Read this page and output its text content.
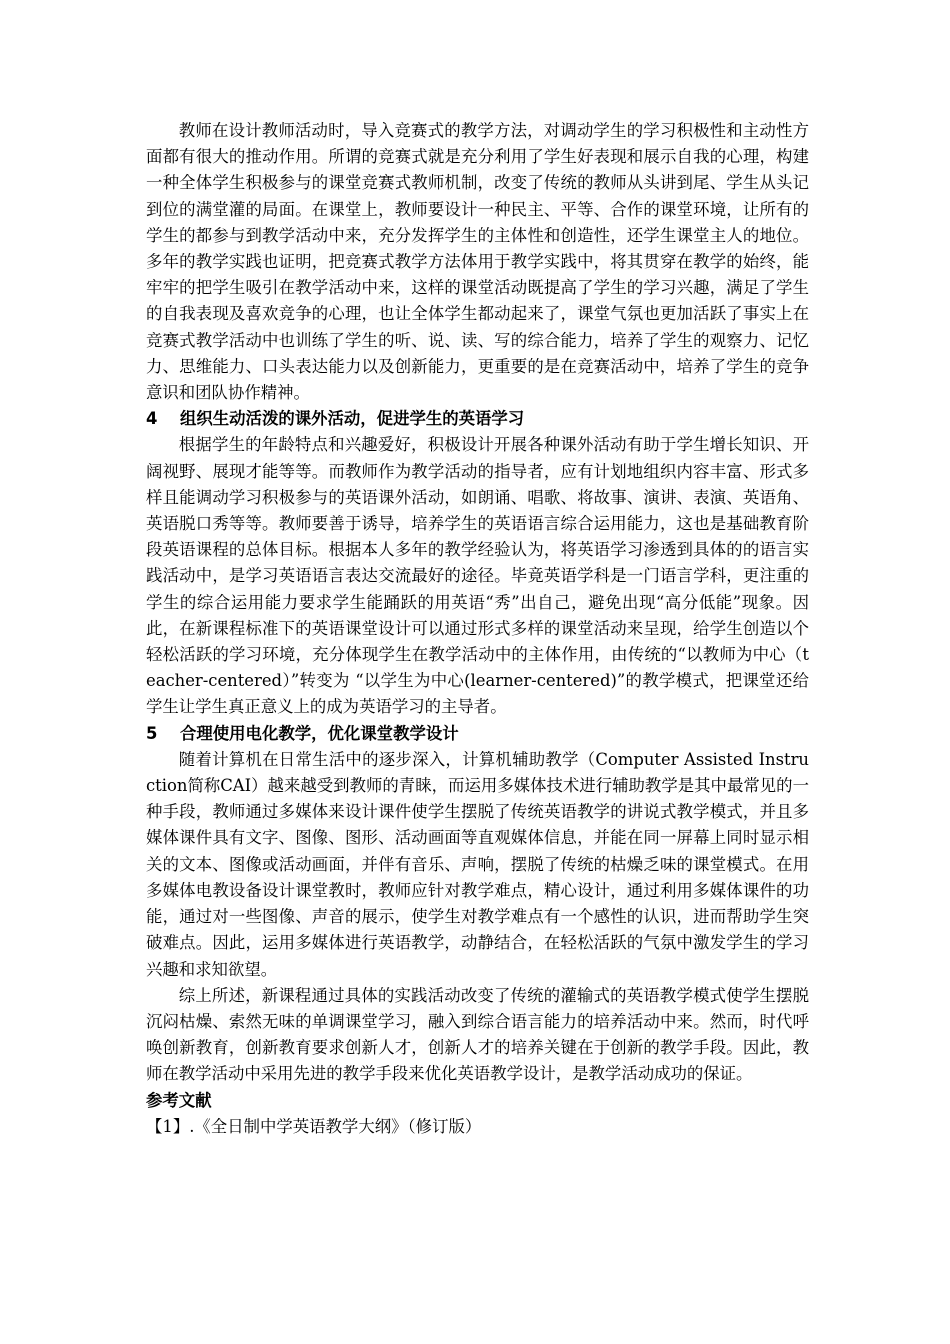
教师在设计教师活动时，导入竞赛式的教学方法，对调动学生的学习积极性和主动性方面都有很大的推动作用。所谓的竞赛式就是充分利用了学生好表现和展示自我的心理，构建一种全体学生积极参与的课堂竞赛式教师机制，改变了传统的教师从头讲到尾、学生从头记到位的满堂灌的局面。在课堂上，教师要设计一种民主、平等、合作的课堂环境，让所有的学生的都参与到教学活动中来，充分发挥学生的主体性和创造性，还学生课堂主人的地位。多年的教学实践也证明，把竞赛式教学方法体用于教学实践中，将其贯穿在教学的始终，能牢牢的把学生吸引在教学活动中来，这样的课堂活动既提高了学生的学习兴趣，满足了学生的自我表现及喜欢竞争的心理，也让全体学生都动起来了，课堂气氛也更加活跃了事实上在竞赛式教学活动中也训练了学生的听、说、读、写的综合能力，培养了学生的观察力、记忆力、思维能力、口头表达能力以及创新能力，更重要的是在竞赛活动中，培养了学生的竞争意识和团队协作精神。

4 组织生动活泼的课外活动，促进学生的英语学习

根据学生的年龄特点和兴趣爱好，积极设计开展各种课外活动有助于学生增长知识、开阔视野、展现才能等等。而教师作为教学活动的指导者，应有计划地组织内容丰富、形式多样且能调动学习积极参与的英语课外活动，如朗诵、唱歌、将故事、演讲、表演、英语角、英语脱口秀等等。教师要善于诱导，培养学生的英语语言综合运用能力，这也是基础教育阶段英语课程的总体目标。根据本人多年的教学经验认为，将英语学习渗透到具体的的语言实践活动中，是学习英语语言表达交流最好的途径。毕竟英语学科是一门语言学科，更注重的学生的综合运用能力要求学生能踊跃的用英语“秀”出自己，避免出现“高分低能”现象。因此，在新课程标准下的英语课堂设计可以通过形式多样的课堂活动来呈现，给学生创造以个轻松活跃的学习环境，充分体现学生在教学活动中的主体作用，由传统的“以教师为中心（teacher-centered）”转变为 “以学生为中心(learner-centered)”的教学模式，把课堂还给学生让学生真正意义上的成为英语学习的主导者。

5 合理使用电化教学，优化课堂教学设计

随着计算机在日常生活中的逐步深入，计算机辅助教学（Computer Assisted Instruction简称CAI）越来越受到教师的青睐，而运用多媒体技术进行辅助教学是其中最常见的一种手段，教师通过多媒体来设计课件使学生摆脱了传统英语教学的讲说式教学模式，并且多媒体课件具有文字、图像、图形、活动画面等直观媒体信息，并能在同一屏幕上同时显示相关的文本、图像或活动画面，并伴有音乐、声响，摆脱了传统的枯燥乏味的课堂模式。在用多媒体电教设备设计课堂教时，教师应针对教学难点，精心设计，通过利用多媒体课件的功能，通过对一些图像、声音的展示，使学生对教学难点有一个感性的认识，进而帮助学生突破难点。因此，运用多媒体进行英语教学，动静结合，在轻松活跃的气氛中激发学生的学习兴趣和求知欲望。

综上所述，新课程通过具体的实践活动改变了传统的灌输式的英语教学模式使学生摆脱沉闷枯燥、索然无味的单调课堂学习，融入到综合语言能力的培养活动中来。然而，时代呼唤创新教育，创新教育要求创新人才，创新人才的培养关键在于创新的教学手段。因此，教师在教学活动中采用先进的教学手段来优化英语教学设计，是教学活动成功的保证。

参考文献
【1】.《全日制中学英语教学大纲》（修订版）
